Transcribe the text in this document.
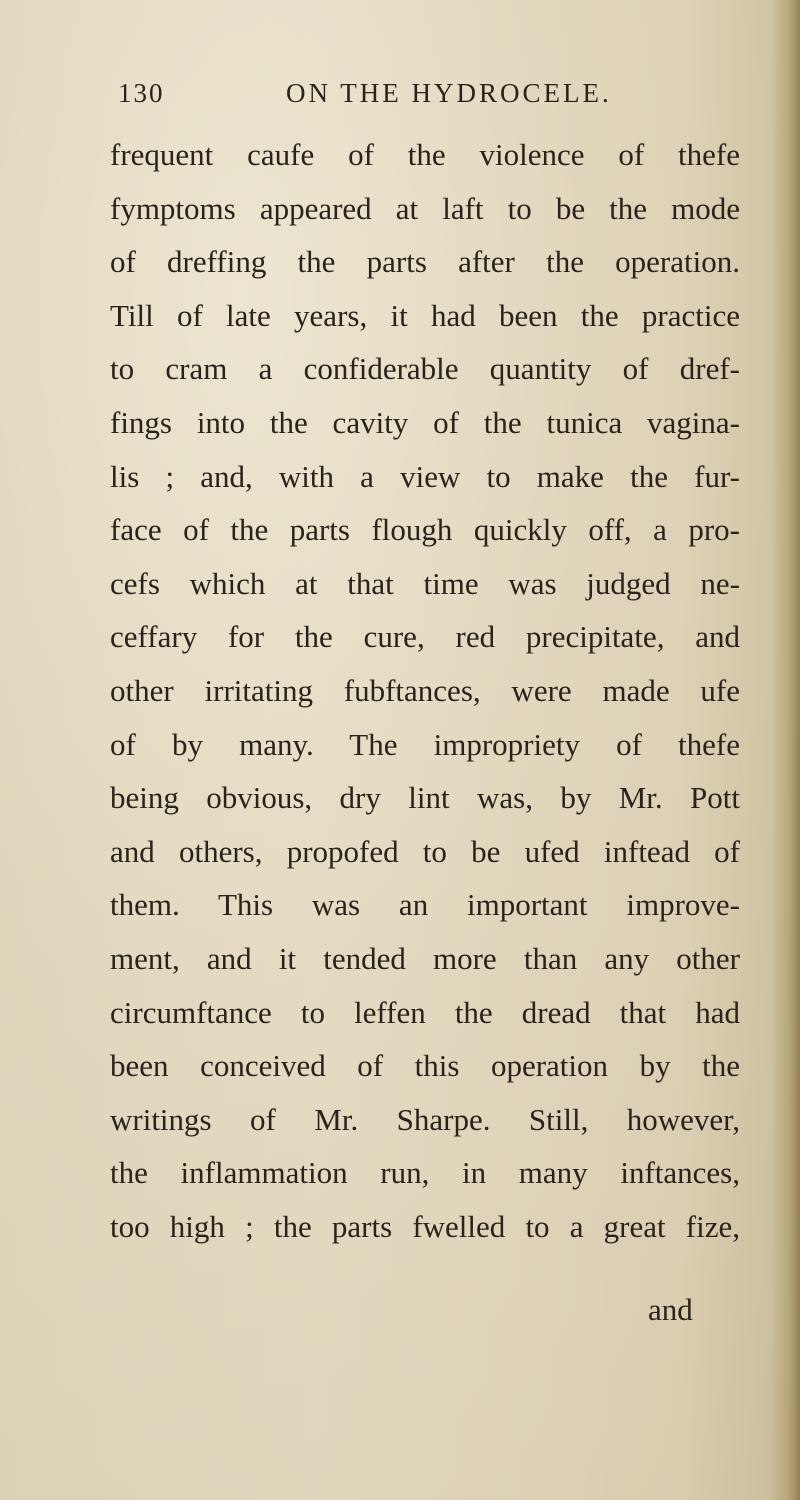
130	ON THE HYDROCELE.
frequent caufe of the violence of thefe
fymptoms appeared at laft to be the mode
of dreffing the parts after the operation.
Till of late years, it had been the practice
to cram a confiderable quantity of dref-
fings into the cavity of the tunica vagina-
lis ; and, with a view to make the fur-
face of the parts flough quickly off, a pro-
cefs which at that time was judged ne-
ceffary for the cure, red precipitate, and
other irritating fubftances, were made ufe
of by many. The impropriety of thefe
being obvious, dry lint was, by Mr. Pott
and others, propofed to be ufed inftead of
them. This was an important improve-
ment, and it tended more than any other
circumftance to leffen the dread that had
been conceived of this operation by the
writings of Mr. Sharpe. Still, however,
the inflammation run, in many inftances,
too high ; the parts fwelled to a great fize,
and
